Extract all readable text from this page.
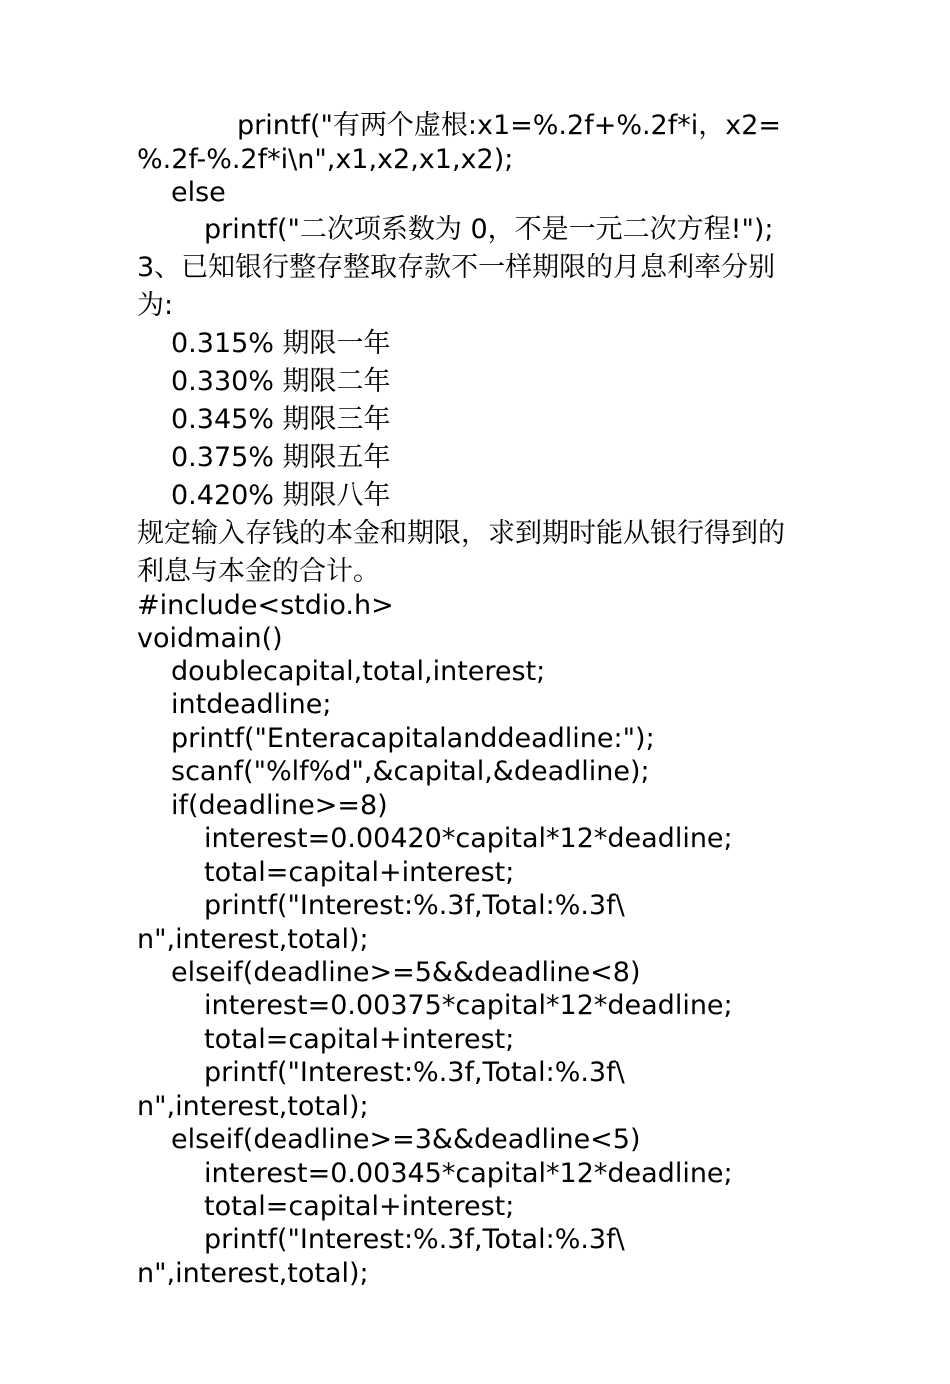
printf("有两个虚根:x1=%.2f+%.2f*i，x2=
%.2f-%.2f*i\n",x1,x2,x1,x2);
else
printf("二次项系数为 0，不是一元二次方程!");
3、已知银行整存整取存款不一样期限的月息利率分别
为:
0.315% 期限一年
0.330% 期限二年
0.345% 期限三年
0.375% 期限五年
0.420% 期限八年
规定输入存钱的本金和期限，求到期时能从银行得到的
利息与本金的合计。
#include<stdio.h>
voidmain()
doublecapital,total,interest;
intdeadline;
printf("Enteracapitalanddeadline:");
scanf("%lf%d",&capital,&deadline);
if(deadline>=8)
interest=0.00420*capital*12*deadline;
total=capital+interest;
printf("Interest:%.3f,Total:%.3f\
n",interest,total);
elseif(deadline>=5&&deadline<8)
interest=0.00375*capital*12*deadline;
total=capital+interest;
printf("Interest:%.3f,Total:%.3f\
n",interest,total);
elseif(deadline>=3&&deadline<5)
interest=0.00345*capital*12*deadline;
total=capital+interest;
printf("Interest:%.3f,Total:%.3f\
n",interest,total);
